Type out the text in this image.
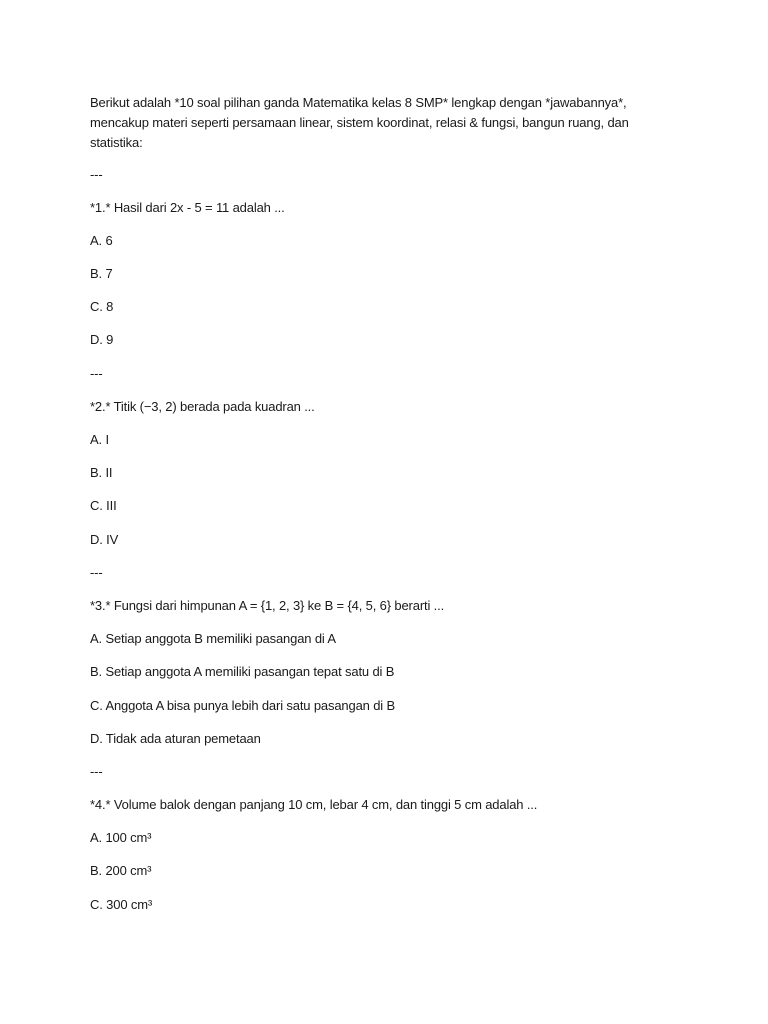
Berikut adalah *10 soal pilihan ganda Matematika kelas 8 SMP* lengkap dengan *jawabannya*, mencakup materi seperti persamaan linear, sistem koordinat, relasi & fungsi, bangun ruang, dan statistika:

---

*1.* Hasil dari 2x - 5 = 11 adalah ...

A. 6

B. 7

C. 8

D. 9

---

*2.* Titik (−3, 2) berada pada kuadran ...

A. I

B. II

C. III

D. IV

---

*3.* Fungsi dari himpunan A = {1, 2, 3} ke B = {4, 5, 6} berarti ...

A. Setiap anggota B memiliki pasangan di A

B. Setiap anggota A memiliki pasangan tepat satu di B

C. Anggota A bisa punya lebih dari satu pasangan di B

D. Tidak ada aturan pemetaan

---

*4.* Volume balok dengan panjang 10 cm, lebar 4 cm, dan tinggi 5 cm adalah ...

A. 100 cm³

B. 200 cm³

C. 300 cm³
